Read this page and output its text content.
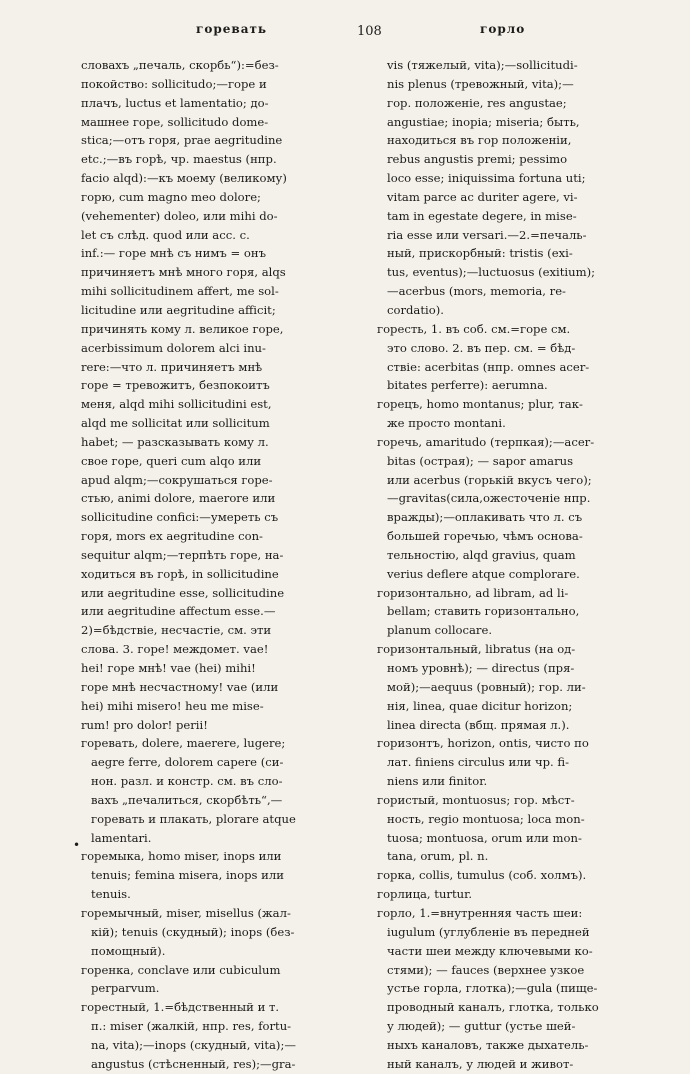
горевать	108	горло
словахъ „печаль, скорбь“):=без-
покойство: sollicitudo;—горе и
плачъ, luctus et lamentatio; до-
машнее горе, sollicitudo dome-
stica;—отъ горя, prae aegritudine
etc.;—въ горѣ, чр. maestus (нпр.
facio alqd):—къ моему (великому)
горю, cum magno meo dolore;
(vehementer) doleo, или mihi do-
let съ слѣд. quod или acc. c.
inf.:— горе мнѣ съ нимъ = онъ
причиняетъ мнѣ много горя, alqs
mihi sollicitudinem affert, me sol-
licitudine или aegritudine afficit;
причинять кому л. великое горе,
acerbissimum dolorem alci inu-
rere:—что л. причиняетъ мнѣ
горе = тревожитъ, безпокоитъ
меня, alqd mihi sollicitudini est,
alqd me sollicitat или sollicitum
habet; — разсказывать кому л.
свое горе, queri cum alqo или
apud alqm;—сокрушаться горе-
стью, animi dolore, maerore или
sollicitudine confici:—умереть съ
горя, mors ex aegritudine con-
sequitur alqm;—терпѣть горе, на-
ходиться въ горѣ, in sollicitudine
или aegritudine esse, sollicitudine
или aegritudine affectum esse.—
2)=бѣдствіе, несчастіе, см. эти
слова. 3. горе! междомет. vae!
hei! горе мнѣ! vae (hei) mihi!
горе мнѣ несчастному! vae (или
hei) mihi misero! heu me mise-
rum! pro dolor! perii!
горевать, dolere, maerere, lugere;
aegre ferre, dolorem capere (си-
нон. разл. и констр. см. въ сло-
вахъ „печалиться, скорбѣть“,—
горевать и плакать, plorare atque
lamentari.
горемыка, homo miser, inops или
tenuis; femina misera, inops или
tenuis.
горемычный, miser, misellus (жал-
кій); tenuis (скудный); inops (без-
помощный).
горенка, conclave или cubiculum
perparvum.
горестный, 1.=бѣдственный и т.
п.: miser (жалкій, нпр. res, fortu-
na, vita);—inops (скудный, vita);—
angustus (стѣсненный, res);—gra-
vis (тяжелый, vita);—sollicitudi-
nis plenus (тревожный, vita);—
гор. положеніе, res angustae;
angustiae; inopia; miseria; быть,
находиться въ гор положеніи,
rebus angustis premi; pessimo
loco esse; iniquissima fortuna uti;
vitam parce ac duriter agere, vi-
tam in egestate degere, in mise-
ria esse или versari.—2.=печаль-
ный, прискорбный: tristis (exi-
tus, eventus);—luctuosus (exitium);
—acerbus (mors, memoria, re-
cordatio).
горесть, 1. въ соб. см.=горе см.
это слово. 2. въ пер. см. = бѣд-
ствіе: acerbitas (нпр. omnes acer-
bitates perferre): aerumna.
горецъ, homo montanus; plur, так-
же просто montani.
горечь, amaritudo (терпкая);—acer-
bitas (острая); — sapor amarus
или acerbus (горькій вкусъ чего);
—gravitas(сила,ожесточеніе нпр.
вражды);—оплакивать что л. съ
большей горечью, чѣмъ основа-
тельностію, alqd gravius, quam
verius deflere atque complorare.
горизонтально, ad libram, ad li-
bellam; ставить горизонтально,
planum collocare.
горизонтальный, libratus (на од-
номъ уровнѣ); — directus (пря-
мой);—aequus (ровный); гор. ли-
нія, linea, quae dicitur horizon;
linea directa (вбщ. прямая л.).
горизонтъ, horizon, ontis, чисто по
лат. finiens circulus или чр. fi-
niens или finitor.
гористый, montuosus; гор. мѣст-
ность, regio montuosa; loca mon-
tuosa; montuosa, orum или mon-
tana, orum, pl. n.
горка, collis, tumulus (соб. холмъ).
горлица, turtur.
горло, 1.=внутренняя часть шеи:
iugulum (углубленіе въ передней
части шеи между ключевыми ко-
стями); — fauces (верхнее узкое
устье горла, глотка);—gula (пище-
проводный каналъ, глотка, только
у людей); — guttur (устье шей-
ныхъ каналовъ, также дыхатель-
ный каналъ, у людей и живот-
•
